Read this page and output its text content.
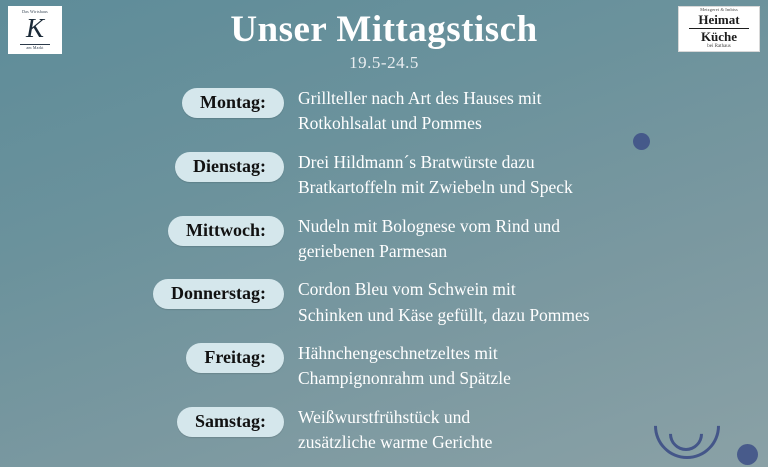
Das Wirtshaus
K
am Markt
Metzgerei & Imbiss
Heimat
Küche
bei Rathaus
Unser Mittagstisch
19.5-24.5
Montag:	Grillteller nach Art des Hauses mit
Rotkohlsalat und Pommes
Dienstag:	Drei Hildmann´s Bratwürste dazu
Bratkartoffeln mit Zwiebeln und Speck
Mittwoch:	Nudeln mit Bolognese vom Rind und
geriebenen Parmesan
Donnerstag:	Cordon Bleu vom Schwein mit
Schinken und Käse gefüllt, dazu Pommes
Freitag:	Hähnchengeschnetzeltes mit
Champignonrahm und Spätzle
Samstag:	Weißwurstfrühstück und
zusätzliche warme Gerichte
